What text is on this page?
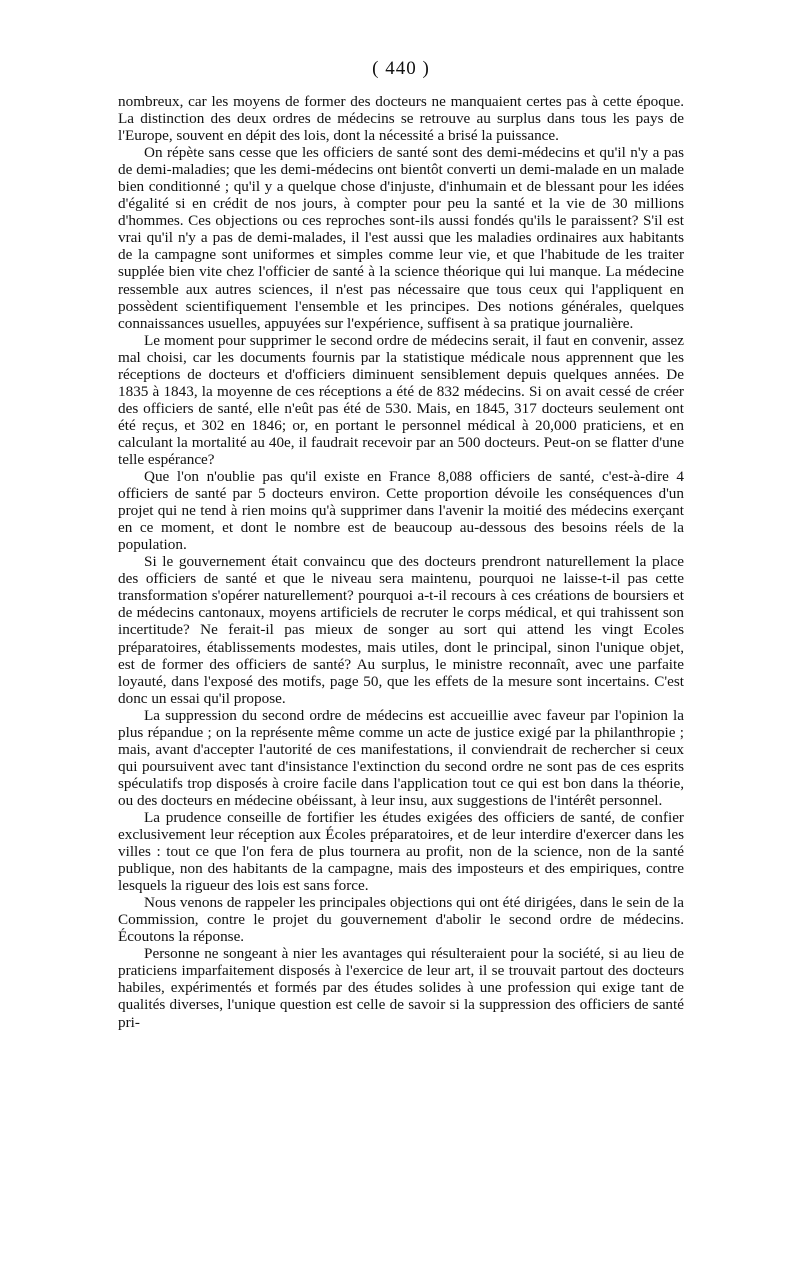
( 440 )

nombreux, car les moyens de former des docteurs ne manquaient certes pas à cette époque. La distinction des deux ordres de médecins se retrouve au surplus dans tous les pays de l'Europe, souvent en dépit des lois, dont la nécessité a brisé la puissance.

On répète sans cesse que les officiers de santé sont des demi-médecins et qu'il n'y a pas de demi-maladies; que les demi-médecins ont bientôt converti un demi-malade en un malade bien conditionné ; qu'il y a quelque chose d'injuste, d'inhumain et de blessant pour les idées d'égalité si en crédit de nos jours, à compter pour peu la santé et la vie de 30 millions d'hommes. Ces objections ou ces reproches sont-ils aussi fondés qu'ils le paraissent? S'il est vrai qu'il n'y a pas de demi-malades, il l'est aussi que les maladies ordinaires aux habitants de la campagne sont uniformes et simples comme leur vie, et que l'habitude de les traiter supplée bien vite chez l'officier de santé à la science théorique qui lui manque. La médecine ressemble aux autres sciences, il n'est pas nécessaire que tous ceux qui l'appliquent en possèdent scientifiquement l'ensemble et les principes. Des notions générales, quelques connaissances usuelles, appuyées sur l'expérience, suffisent à sa pratique journalière.

Le moment pour supprimer le second ordre de médecins serait, il faut en convenir, assez mal choisi, car les documents fournis par la statistique médicale nous apprennent que les réceptions de docteurs et d'officiers diminuent sensiblement depuis quelques années. De 1835 à 1843, la moyenne de ces réceptions a été de 832 médecins. Si on avait cessé de créer des officiers de santé, elle n'eût pas été de 530. Mais, en 1845, 317 docteurs seulement ont été reçus, et 302 en 1846; or, en portant le personnel médical à 20,000 praticiens, et en calculant la mortalité au 40e, il faudrait recevoir par an 500 docteurs. Peut-on se flatter d'une telle espérance?

Que l'on n'oublie pas qu'il existe en France 8,088 officiers de santé, c'est-à-dire 4 officiers de santé par 5 docteurs environ. Cette proportion dévoile les conséquences d'un projet qui ne tend à rien moins qu'à supprimer dans l'avenir la moitié des médecins exerçant en ce moment, et dont le nombre est de beaucoup au-dessous des besoins réels de la population.

Si le gouvernement était convaincu que des docteurs prendront naturellement la place des officiers de santé et que le niveau sera maintenu, pourquoi ne laisse-t-il pas cette transformation s'opérer naturellement? pourquoi a-t-il recours à ces créations de boursiers et de médecins cantonaux, moyens artificiels de recruter le corps médical, et qui trahissent son incertitude? Ne ferait-il pas mieux de songer au sort qui attend les vingt Ecoles préparatoires, établissements modestes, mais utiles, dont le principal, sinon l'unique objet, est de former des officiers de santé? Au surplus, le ministre reconnaît, avec une parfaite loyauté, dans l'exposé des motifs, page 50, que les effets de la mesure sont incertains. C'est donc un essai qu'il propose.

La suppression du second ordre de médecins est accueillie avec faveur par l'opinion la plus répandue ; on la représente même comme un acte de justice exigé par la philanthropie ; mais, avant d'accepter l'autorité de ces manifestations, il conviendrait de rechercher si ceux qui poursuivent avec tant d'insistance l'extinction du second ordre ne sont pas de ces esprits spéculatifs trop disposés à croire facile dans l'application tout ce qui est bon dans la théorie, ou des docteurs en médecine obéissant, à leur insu, aux suggestions de l'intérêt personnel.

La prudence conseille de fortifier les études exigées des officiers de santé, de confier exclusivement leur réception aux Écoles préparatoires, et de leur interdire d'exercer dans les villes : tout ce que l'on fera de plus tournera au profit, non de la science, non de la santé publique, non des habitants de la campagne, mais des imposteurs et des empiriques, contre lesquels la rigueur des lois est sans force.

Nous venons de rappeler les principales objections qui ont été dirigées, dans le sein de la Commission, contre le projet du gouvernement d'abolir le second ordre de médecins. Écoutons la réponse.

Personne ne songeant à nier les avantages qui résulteraient pour la société, si au lieu de praticiens imparfaitement disposés à l'exercice de leur art, il se trouvait partout des docteurs habiles, expérimentés et formés par des études solides à une profession qui exige tant de qualités diverses, l'unique question est celle de savoir si la suppression des officiers de santé pri-
